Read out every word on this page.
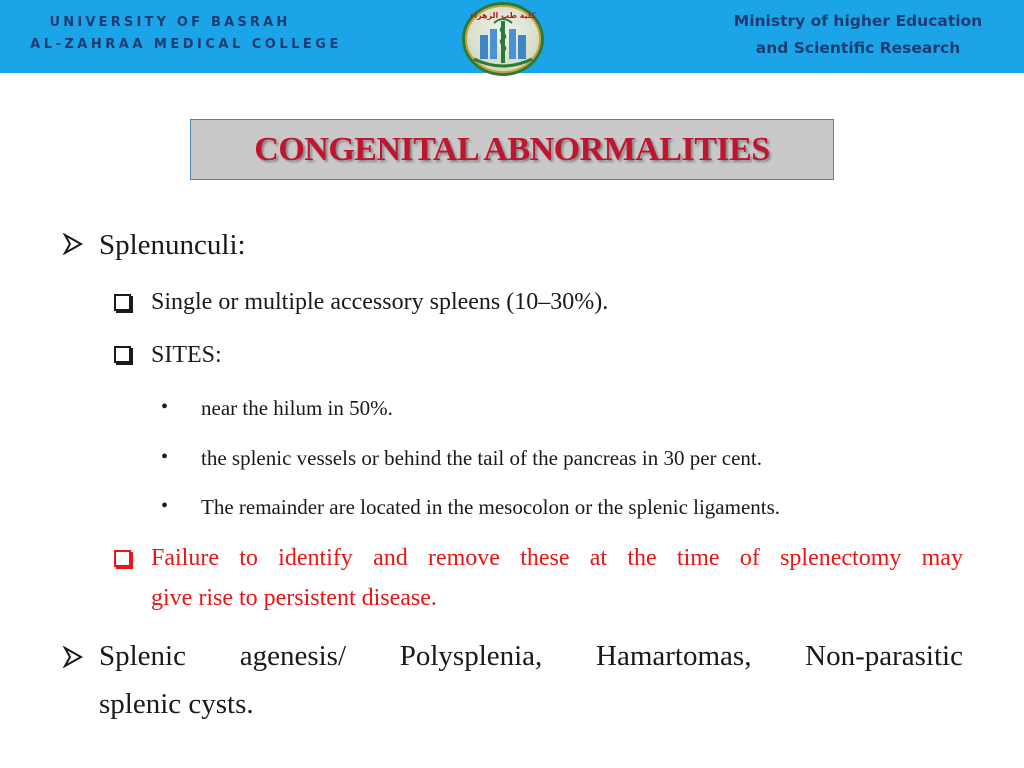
UNIVERSITY OF BASRAH
AL-ZAHRAA MEDICAL COLLEGE
كلية طب الزهراء	Ministry of higher Education
and Scientific Research
CONGENITAL ABNORMALITIES
Splenunculi:
Single or multiple accessory spleens (10–30%).
SITES:
• near the hilum in 50%.
• the splenic vessels or behind the tail of the pancreas in 30 per cent.
• The remainder are located in the mesocolon or the splenic ligaments.
Failure to identify and remove these at the time of splenectomy may
give rise to persistent disease.
Splenic agenesis/ Polysplenia, Hamartomas, Non-parasitic
splenic cysts.
